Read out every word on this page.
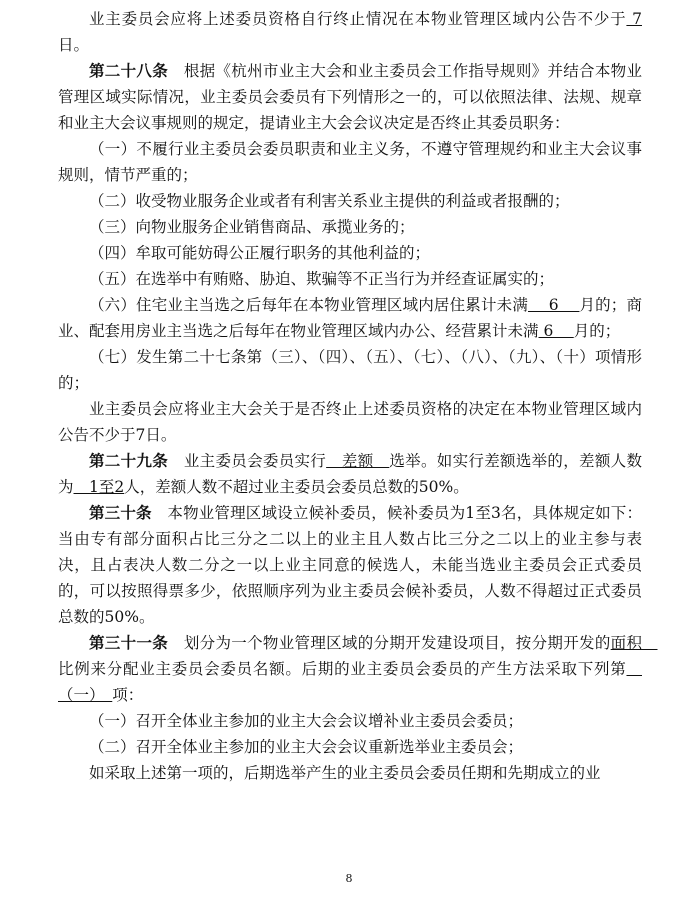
业主委员会应将上述委员资格自行终止情况在本物业管理区域内公告不少于 7 日。

第二十八条　根据《杭州市业主大会和业主委员会工作指导规则》并结合本物业管理区域实际情况，业主委员会委员有下列情形之一的，可以依照法律、法规、规章和业主大会议事规则的规定，提请业主大会会议决定是否终止其委员职务：

（一）不履行业主委员会委员职责和业主义务，不遵守管理规约和业主大会议事规则，情节严重的；

（二）收受物业服务企业或者有利害关系业主提供的利益或者报酬的；

（三）向物业服务企业销售商品、承揽业务的；

（四）牟取可能妨碍公正履行职务的其他利益的；

（五）在选举中有贿赂、胁迫、欺骗等不正当行为并经查证属实的；

（六）住宅业主当选之后每年在本物业管理区域内居住累计未满　 6 　月的；商业、配套用房业主当选之后每年在物业管理区域内办公、经营累计未满 6 　月的；

（七）发生第二十七条第（三）、（四）、（五）、（七）、（八）、（九）、（十）项情形的；

业主委员会应将业主大会关于是否终止上述委员资格的决定在本物业管理区域内公告不少于7日。

第二十九条　业主委员会委员实行　差额　选举。如实行差额选举的，差额人数为　1至2人，差额人数不超过业主委员会委员总数的50%。

第三十条　本物业管理区域设立候补委员，候补委员为1至3名，具体规定如下：当由专有部分面积占比三分之二以上的业主且人数占比三分之二以上的业主参与表决，且占表决人数二分之一以上业主同意的候选人，未能当选业主委员会正式委员的，可以按照得票多少，依照顺序列为业主委员会候补委员，人数不得超过正式委员总数的50%。

第三十一条　划分为一个物业管理区域的分期开发建设项目，按分期开发的面积　比例来分配业主委员会委员名额。后期的业主委员会委员的产生方法采取下列第　（一）　项：

（一）召开全体业主参加的业主大会会议增补业主委员会委员；

（二）召开全体业主参加的业主大会会议重新选举业主委员会；

如采取上述第一项的，后期选举产生的业主委员会委员任期和先期成立的业

8
